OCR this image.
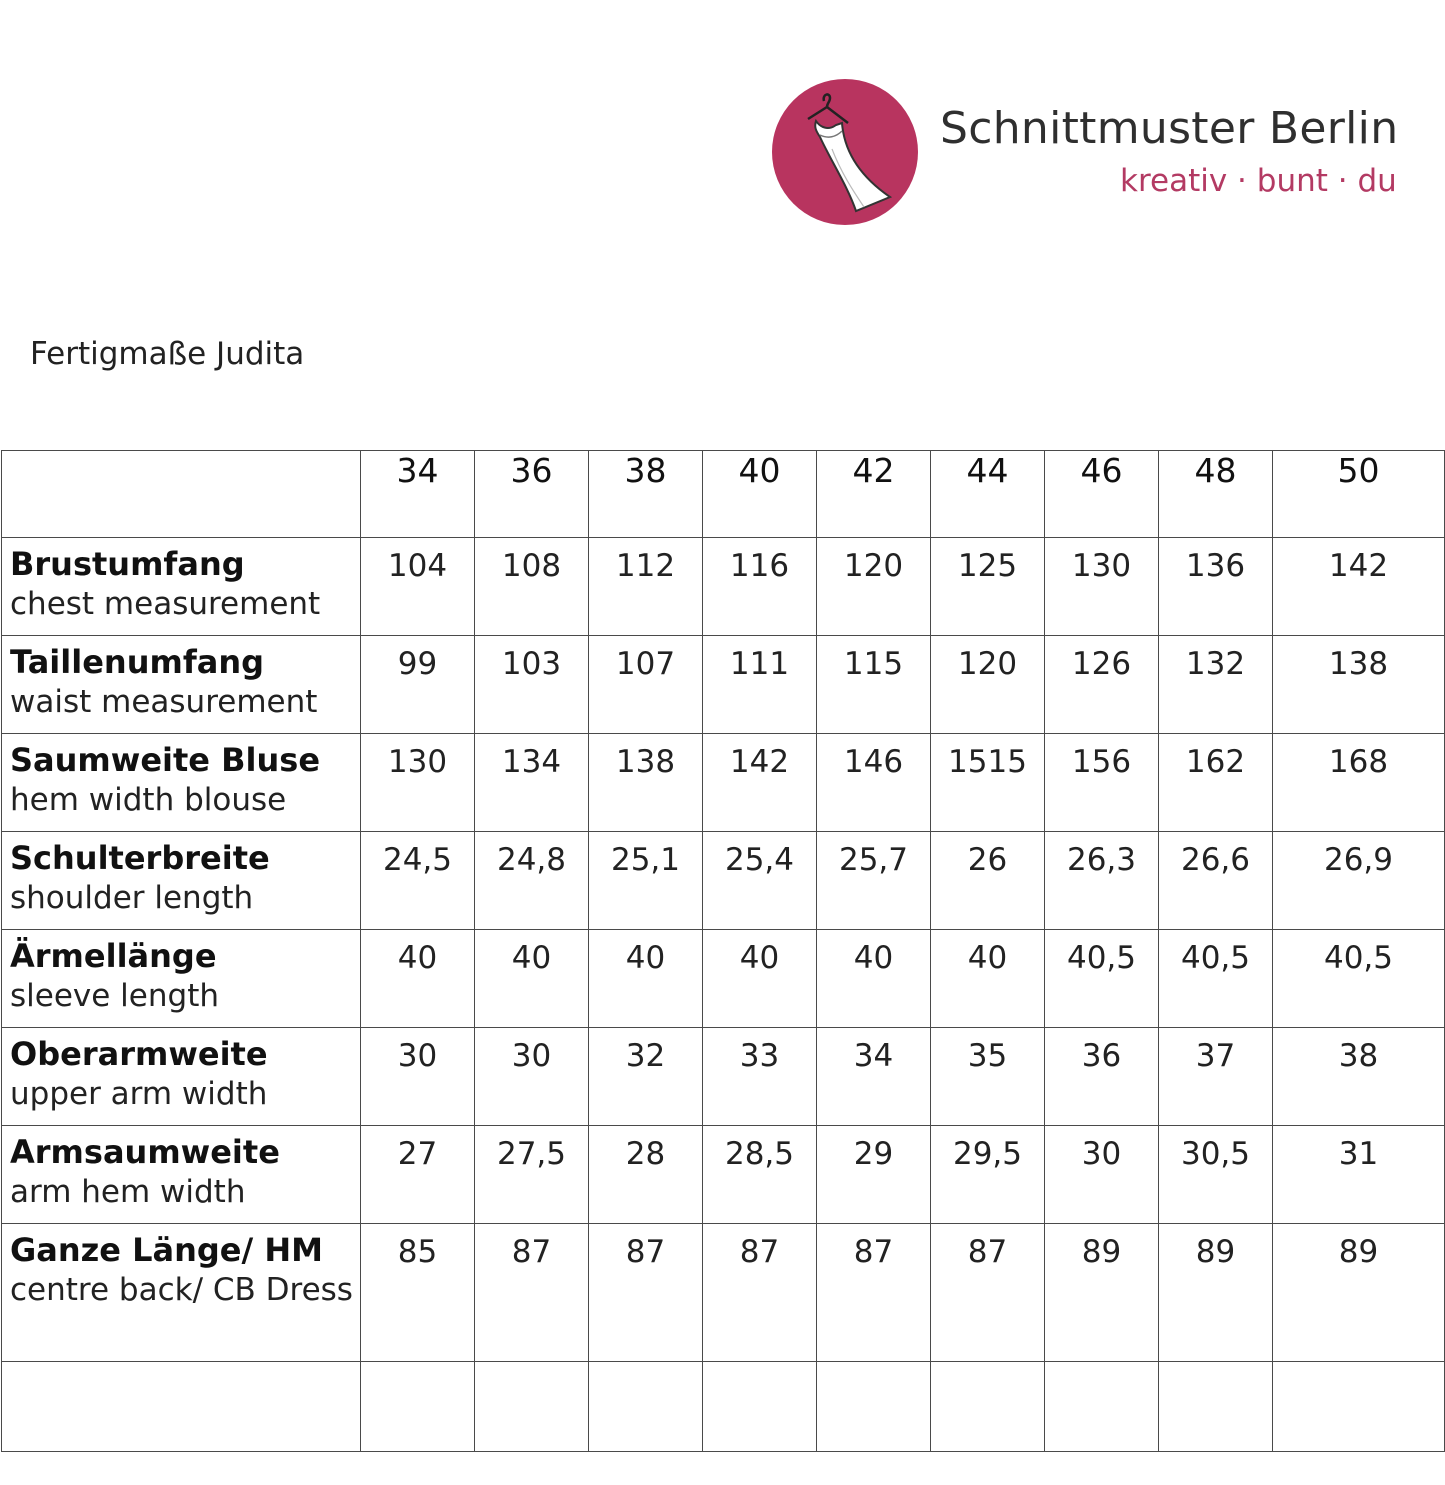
Schnittmuster Berlin
kreativ · bunt · du
Fertigmaße Judita
	34	36	38	40	42	44	46	48	50

Brustumfang
chest measurement	104	108	112	116	120	125	130	136	142

Taillenumfang
waist measurement	99	103	107	111	115	120	126	132	138

Saumweite Bluse
hem width blouse	130	134	138	142	146	1515	156	162	168

Schulterbreite
shoulder length	24,5	24,8	25,1	25,4	25,7	26	26,3	26,6	26,9

Ärmellänge
sleeve length	40	40	40	40	40	40	40,5	40,5	40,5

Oberarmweite
upper arm width	30	30	32	33	34	35	36	37	38

Armsaumweite
arm hem width	27	27,5	28	28,5	29	29,5	30	30,5	31

Ganze Länge/ HM
centre back/ CB Dress	85	87	87	87	87	87	89	89	89
